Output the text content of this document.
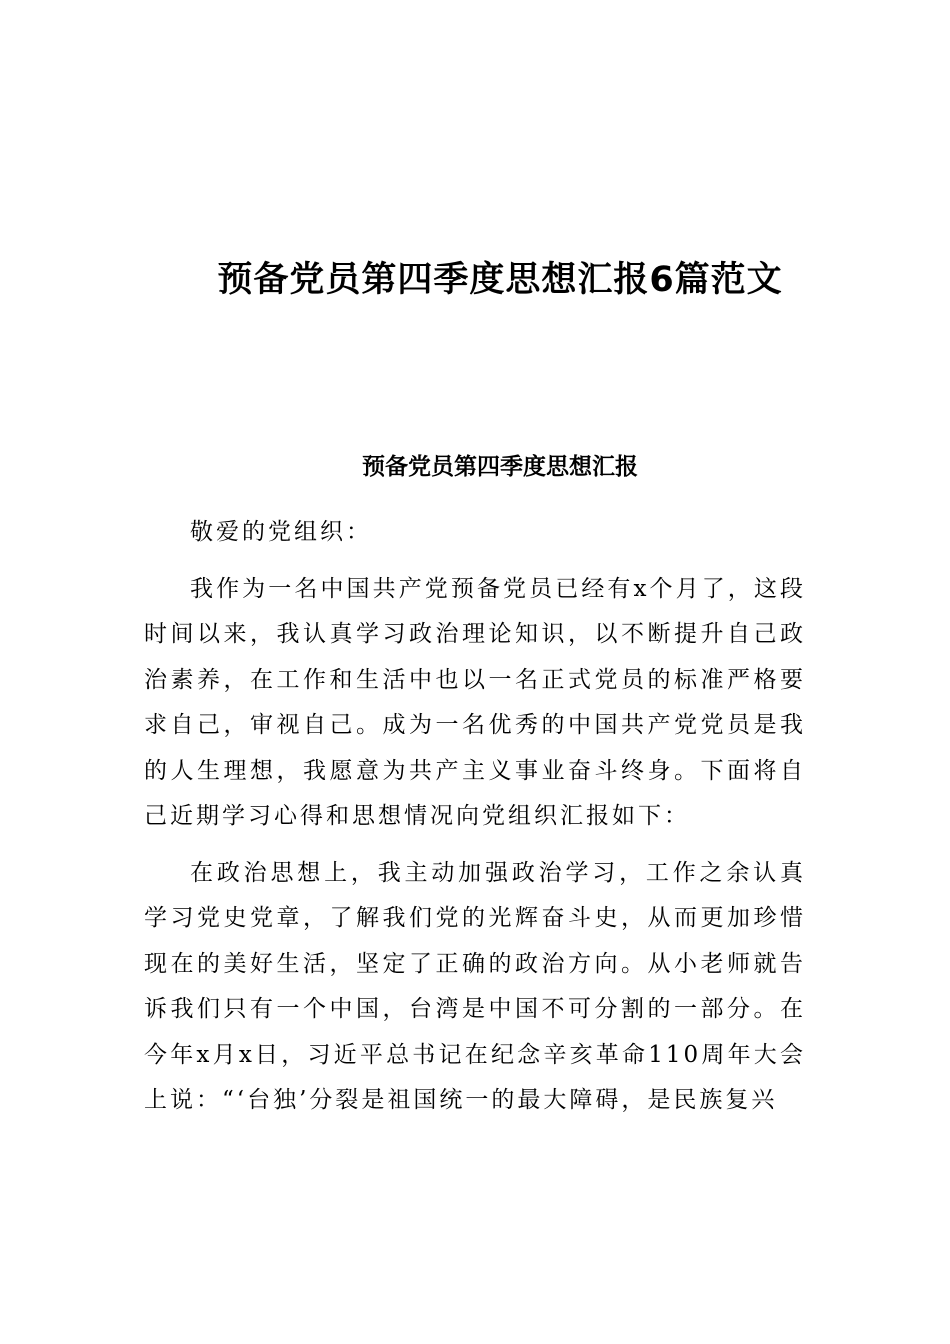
预备党员第四季度思想汇报6篇范文
预备党员第四季度思想汇报

敬爱的党组织：

我作为一名中国共产党预备党员已经有x个月了，这段时间以来，我认真学习政治理论知识，以不断提升自己政治素养，在工作和生活中也以一名正式党员的标准严格要求自己，审视自己。成为一名优秀的中国共产党党员是我的人生理想，我愿意为共产主义事业奋斗终身。下面将自己近期学习心得和思想情况向党组织汇报如下：

在政治思想上，我主动加强政治学习，工作之余认真学习党史党章，了解我们党的光辉奋斗史，从而更加珍惜现在的美好生活，坚定了正确的政治方向。从小老师就告诉我们只有一个中国，台湾是中国不可分割的一部分。在今年x月x日，习近平总书记在纪念辛亥革命110周年大会上说：“‘台独’分裂是祖国统一的最大障碍，是民族复兴
